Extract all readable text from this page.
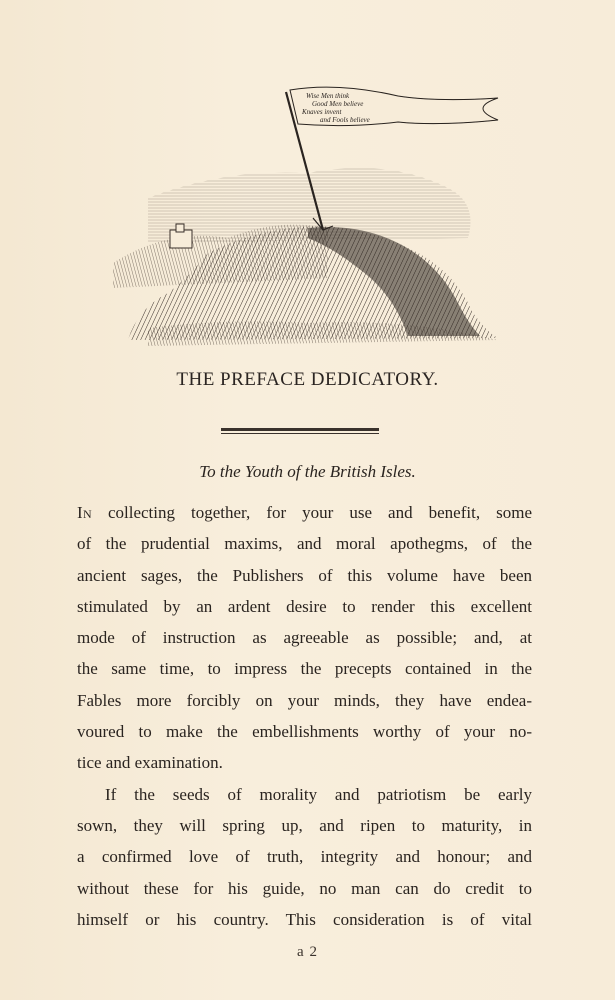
Wise Men think
Good Men believe
Knaves invent
and Fools believe
THE PREFACE DEDICATORY.
To the Youth of the British Isles.
In collecting together, for your use and benefit, some
of the prudential maxims, and moral apothegms, of the
ancient sages, the Publishers of this volume have been
stimulated by an ardent desire to render this excellent
mode of instruction as agreeable as possible; and, at
the same time, to impress the precepts contained in the
Fables more forcibly on your minds, they have endea-
voured to make the embellishments worthy of your no-
tice and examination.
If the seeds of morality and patriotism be early
sown, they will spring up, and ripen to maturity, in
a confirmed love of truth, integrity and honour; and
without these for his guide, no man can do credit to
himself or his country. This consideration is of vital
a 2
